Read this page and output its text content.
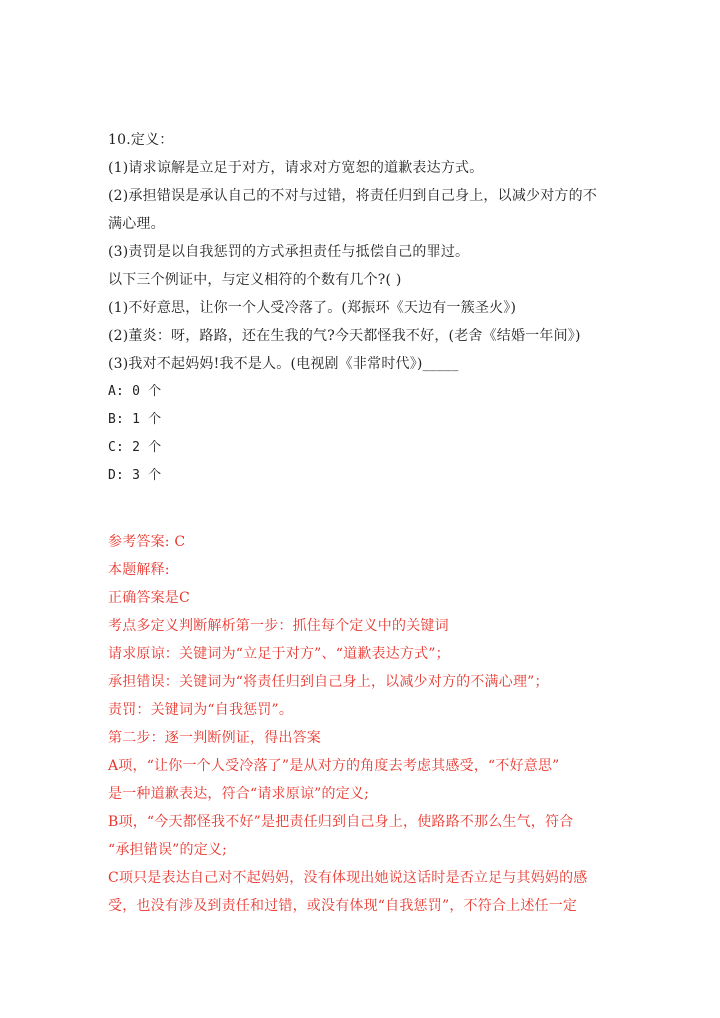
10.定义：
(1)请求谅解是立足于对方，请求对方宽恕的道歉表达方式。
(2)承担错误是承认自己的不对与过错，将责任归到自己身上，以减少对方的不
满心理。
(3)责罚是以自我惩罚的方式承担责任与抵偿自己的罪过。
以下三个例证中，与定义相符的个数有几个?( )
(1)不好意思，让你一个人受冷落了。(郑振环《天边有一簇圣火》)
(2)董炎：呀，路路，还在生我的气?今天都怪我不好，(老舍《结婚一年间》)
(3)我对不起妈妈!我不是人。(电视剧《非常时代》)_____
A: 0 个
B: 1 个
C: 2 个
D: 3 个
参考答案: C
本题解释:
正确答案是C
考点多定义判断解析第一步：抓住每个定义中的关键词
请求原谅：关键词为“立足于对方”、“道歉表达方式”；
承担错误：关键词为“将责任归到自己身上，以减少对方的不满心理”；
责罚：关键词为“自我惩罚”。
第二步：逐一判断例证，得出答案
A项，“让你一个人受冷落了”是从对方的角度去考虑其感受，“不好意思”
是一种道歉表达，符合“请求原谅”的定义;
B项，“今天都怪我不好”是把责任归到自己身上，使路路不那么生气，符合
“承担错误”的定义;
C项只是表达自己对不起妈妈，没有体现出她说这话时是否立足与其妈妈的感
受，也没有涉及到责任和过错，或没有体现“自我惩罚”，不符合上述任一定
